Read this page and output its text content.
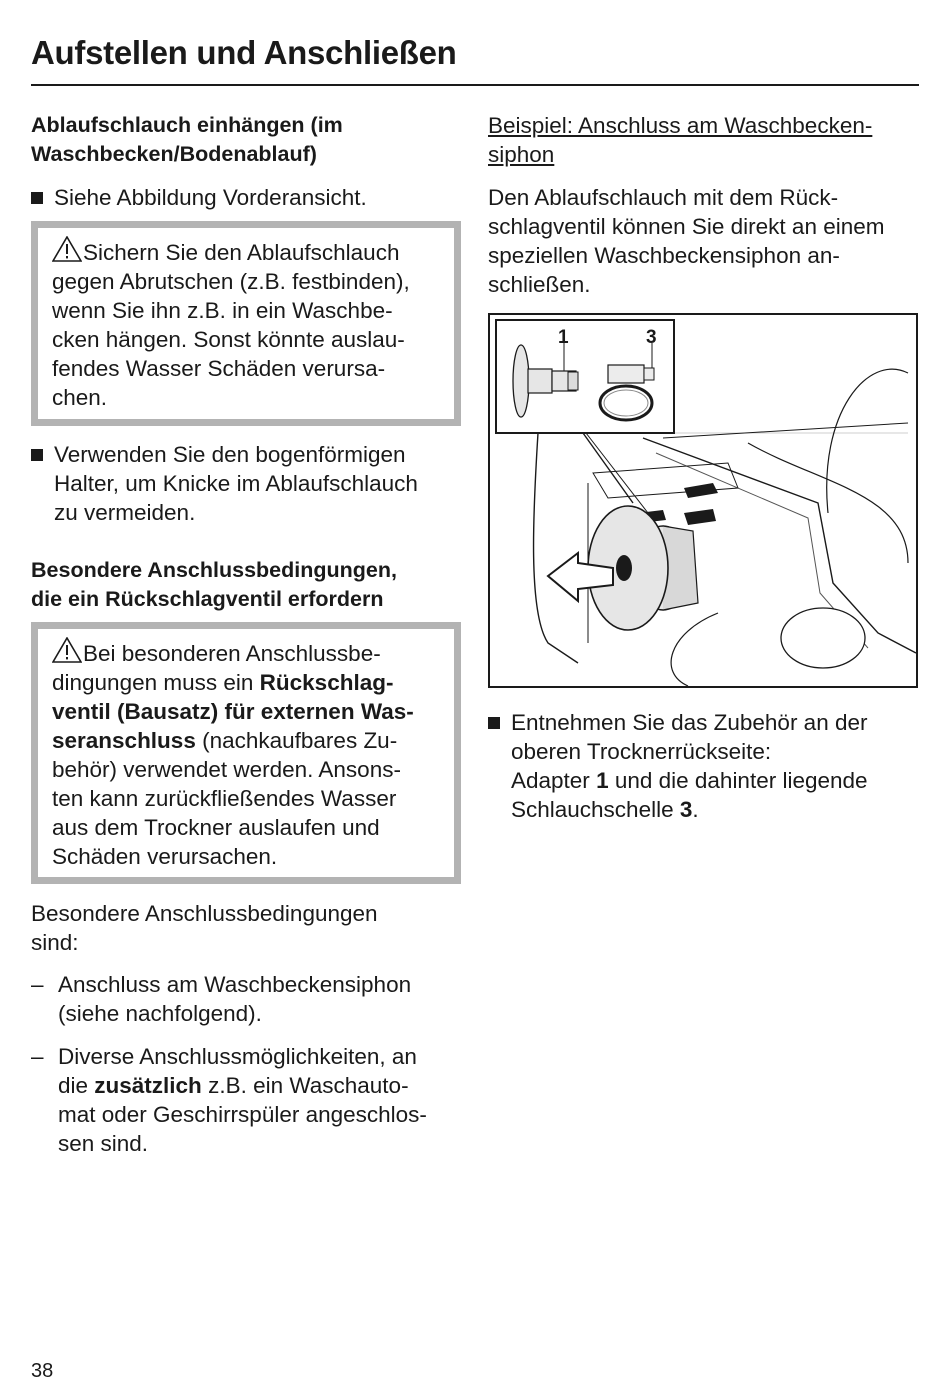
Aufstellen und Anschließen
Ablaufschlauch einhängen (im
Waschbecken/Bodenablauf)
Siehe Abbildung Vorderansicht.
Sichern Sie den Ablaufschlauch
gegen Abrutschen (z.B. festbinden),
wenn Sie ihn z.B. in ein Waschbe-
cken hängen. Sonst könnte auslau-
fendes Wasser Schäden verursa-
chen.
Verwenden Sie den bogenförmigen
Halter, um Knicke im Ablaufschlauch
zu vermeiden.
Besondere Anschlussbedingungen,
die ein Rückschlagventil erfordern
Bei besonderen Anschlussbe-
dingungen muss ein Rückschlag-
ventil (Bausatz) für externen Was-
seranschluss (nachkaufbares Zu-
behör) verwendet werden. Ansons-
ten kann zurückfließendes Wasser
aus dem Trockner auslaufen und
Schäden verursachen.
Besondere Anschlussbedingungen
sind:
– Anschluss am Waschbeckensiphon
(siehe nachfolgend).
– Diverse Anschlussmöglichkeiten, an
die zusätzlich z.B. ein Waschauto-
mat oder Geschirrspüler angeschlos-
sen sind.
Beispiel: Anschluss am Waschbecken-
siphon
Den Ablaufschlauch mit dem Rück-
schlagventil können Sie direkt an einem
speziellen Waschbeckensiphon an-
schließen.
Entnehmen Sie das Zubehör an der
oberen Trocknerrückseite:
Adapter 1 und die dahinter liegende
Schlauchschelle 3.
1	3
38
